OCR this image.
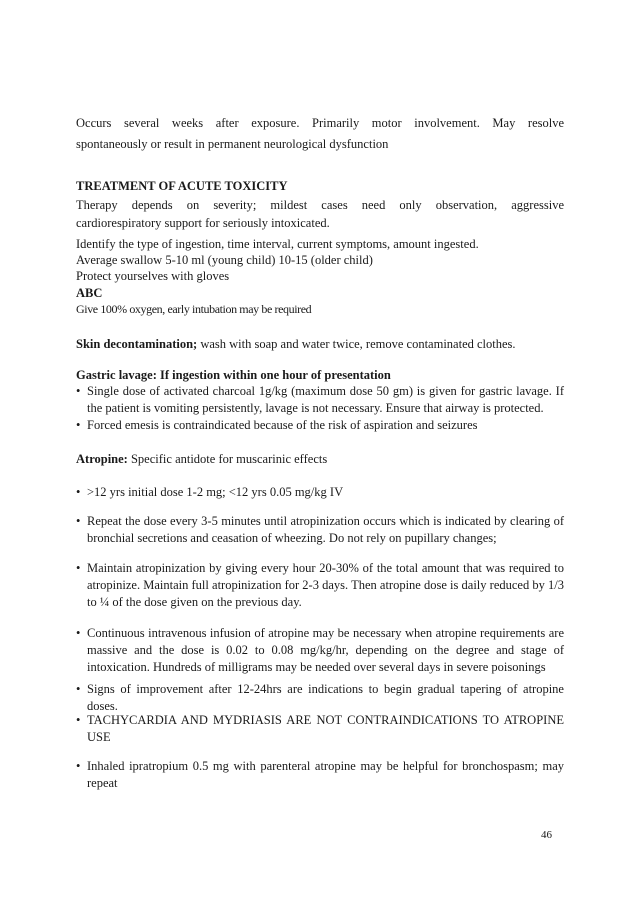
Occurs several weeks after exposure. Primarily motor involvement. May resolve

spontaneously or result in permanent neurological dysfunction

TREATMENT OF ACUTE TOXICITY

Therapy depends on severity; mildest cases need only observation, aggressive

cardiorespiratory support for seriously intoxicated.

Identify the type of ingestion, time interval, current symptoms, amount ingested.

Average swallow 5-10 ml (young child) 10-15 (older child)

Protect yourselves with gloves

ABC

Give 100% oxygen, early intubation may be required

Skin decontamination; wash with soap and water twice, remove contaminated clothes.

Gastric lavage: If ingestion within one hour of presentation

• Single dose of activated charcoal 1g/kg (maximum dose 50 gm) is given for gastric lavage. If the patient is vomiting persistently, lavage is not necessary. Ensure that airway is protected.
• Forced emesis is contraindicated because of the risk of aspiration and seizures

Atropine: Specific antidote for muscarinic effects

• >12 yrs initial dose 1-2 mg; <12 yrs 0.05 mg/kg IV
• Repeat the dose every 3-5 minutes until atropinization occurs which is indicated by clearing of bronchial secretions and ceasation of wheezing. Do not rely on pupillary changes;
• Maintain atropinization by giving every hour 20-30% of the total amount that was required to atropinize. Maintain full atropinization for 2-3 days. Then atropine dose is daily reduced by 1/3 to ¼ of the dose given on the previous day.
• Continuous intravenous infusion of atropine may be necessary when atropine requirements are massive and the dose is 0.02 to 0.08 mg/kg/hr, depending on the degree and stage of intoxication. Hundreds of milligrams may be needed over several days in severe poisonings
• Signs of improvement after 12-24hrs are indications to begin gradual tapering of atropine doses.
• TACHYCARDIA AND MYDRIASIS ARE NOT CONTRAINDICATIONS TO ATROPINE USE
• Inhaled ipratropium 0.5 mg with parenteral atropine may be helpful for bronchospasm; may repeat

46
